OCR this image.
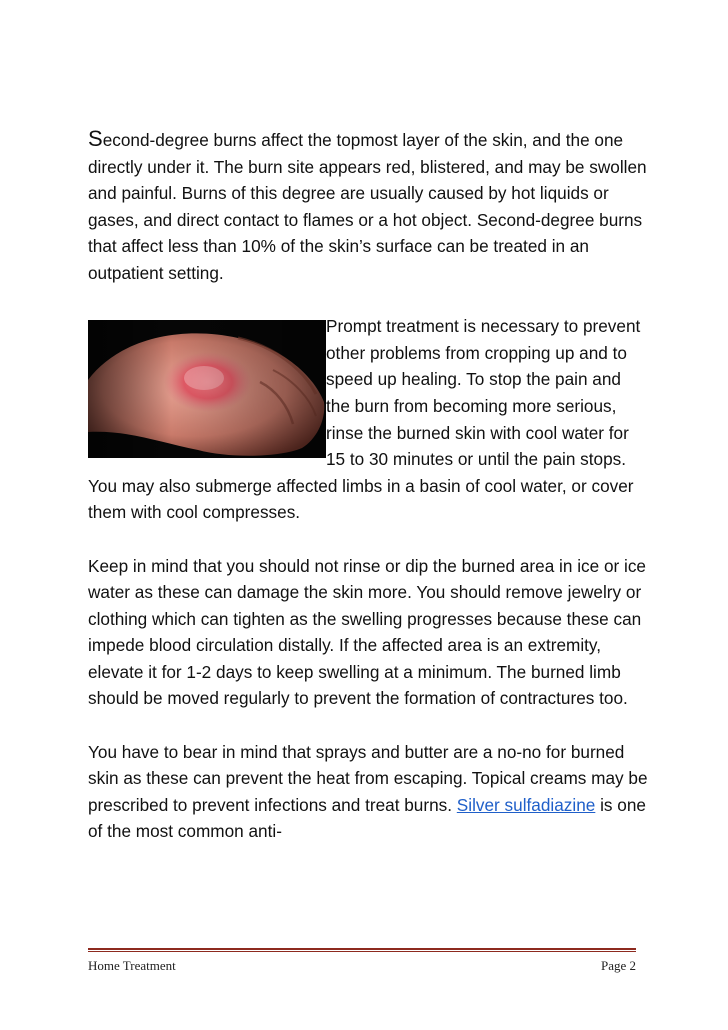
Second-degree burns affect the topmost layer of the skin, and the one directly under it. The burn site appears red, blistered, and may be swollen and painful. Burns of this degree are usually caused by hot liquids or gases, and direct contact to flames or a hot object. Second-degree burns that affect less than 10% of the skin’s surface can be treated in an outpatient setting.

Prompt treatment is necessary to prevent other problems from cropping up and to speed up healing. To stop the pain and the burn from becoming more serious, rinse the burned skin with cool water for 15 to 30 minutes or until the pain stops. You may also submerge affected limbs in a basin of cool water, or cover them with cool compresses.

Keep in mind that you should not rinse or dip the burned area in ice or ice water as these can damage the skin more. You should remove jewelry or clothing which can tighten as the swelling progresses because these can impede blood circulation distally. If the affected area is an extremity, elevate it for 1-2 days to keep swelling at a minimum. The burned limb should be moved regularly to prevent the formation of contractures too.

You have to bear in mind that sprays and butter are a no-no for burned skin as these can prevent the heat from escaping. Topical creams may be prescribed to prevent infections and treat burns. Silver sulfadiazine is one of the most common anti-

Home Treatment	Page 2
